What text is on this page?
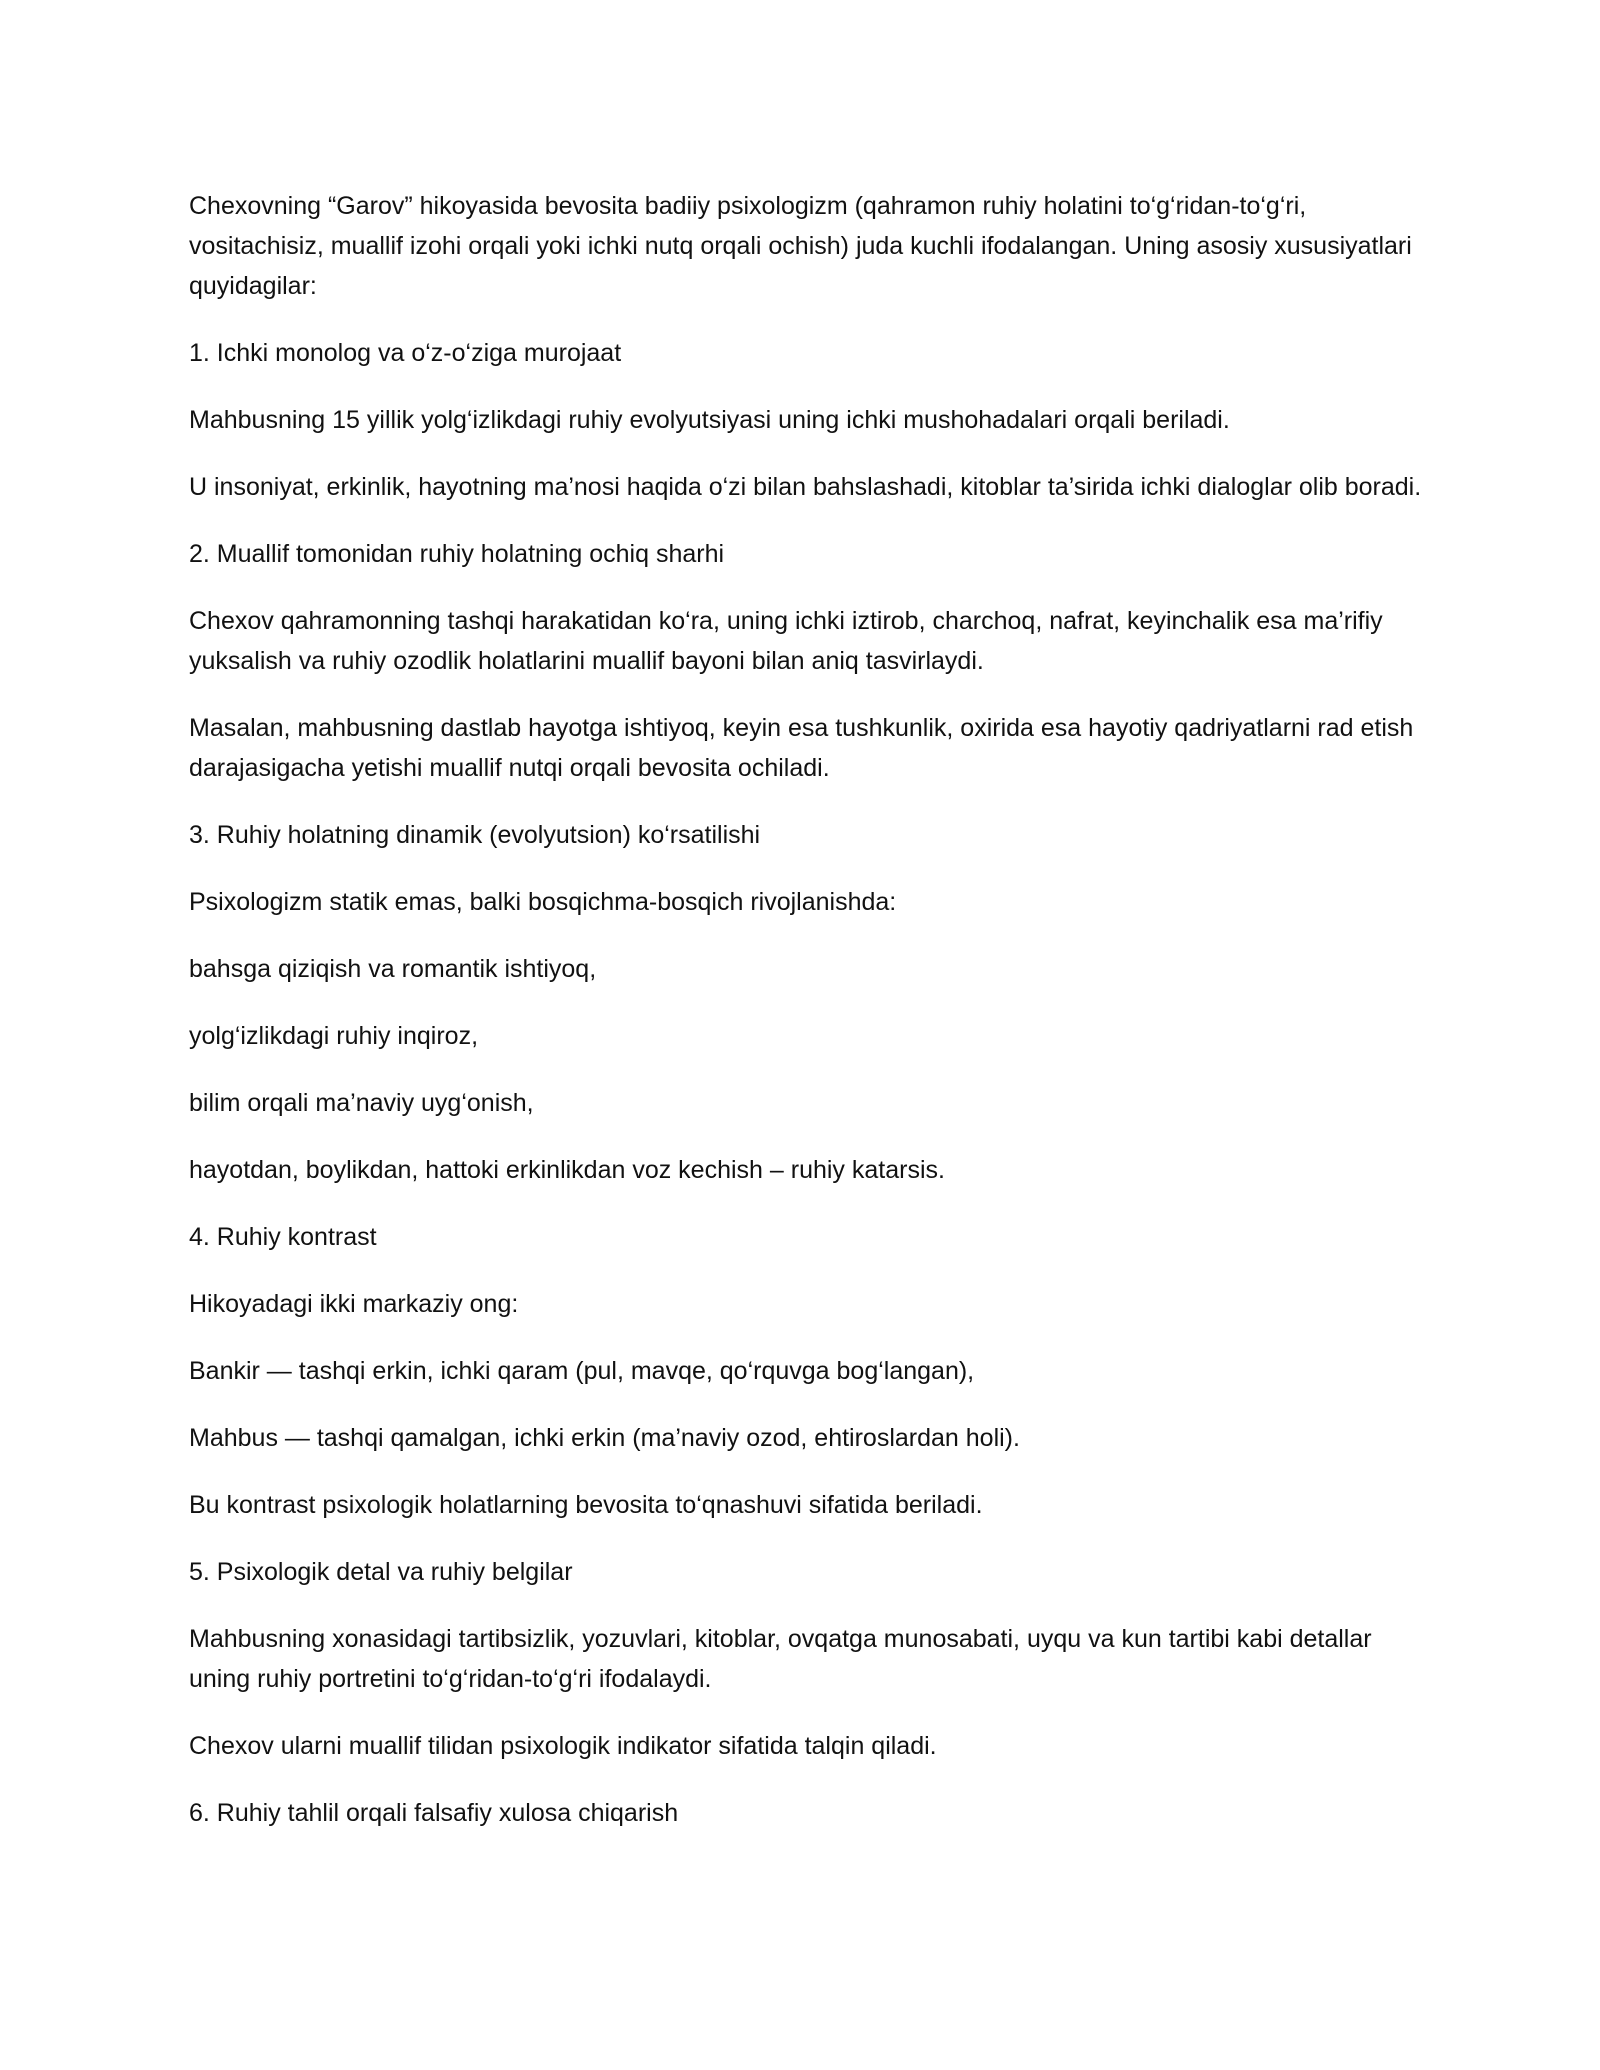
Chexovning “Garov” hikoyasida bevosita badiiy psixologizm (qahramon ruhiy holatini to‘g‘ridan-to‘g‘ri, vositachisiz, muallif izohi orqali yoki ichki nutq orqali ochish) juda kuchli ifodalangan. Uning asosiy xususiyatlari quyidagilar:

1. Ichki monolog va o‘z-o‘ziga murojaat

Mahbusning 15 yillik yolg‘izlikdagi ruhiy evolyutsiyasi uning ichki mushohadalari orqali beriladi.

U insoniyat, erkinlik, hayotning ma’nosi haqida o‘zi bilan bahslashadi, kitoblar ta’sirida ichki dialoglar olib boradi.

2. Muallif tomonidan ruhiy holatning ochiq sharhi

Chexov qahramonning tashqi harakatidan ko‘ra, uning ichki iztirob, charchoq, nafrat, keyinchalik esa ma’rifiy yuksalish va ruhiy ozodlik holatlarini muallif bayoni bilan aniq tasvirlaydi.

Masalan, mahbusning dastlab hayotga ishtiyoq, keyin esa tushkunlik, oxirida esa hayotiy qadriyatlarni rad etish darajasigacha yetishi muallif nutqi orqali bevosita ochiladi.

3. Ruhiy holatning dinamik (evolyutsion) ko‘rsatilishi

Psixologizm statik emas, balki bosqichma-bosqich rivojlanishda:

bahsga qiziqish va romantik ishtiyoq,

yolg‘izlikdagi ruhiy inqiroz,

bilim orqali ma’naviy uyg‘onish,

hayotdan, boylikdan, hattoki erkinlikdan voz kechish – ruhiy katarsis.

4. Ruhiy kontrast

Hikoyadagi ikki markaziy ong:

Bankir — tashqi erkin, ichki qaram (pul, mavqe, qo‘rquvga bog‘langan),

Mahbus — tashqi qamalgan, ichki erkin (ma’naviy ozod, ehtiroslardan holi).

Bu kontrast psixologik holatlarning bevosita to‘qnashuvi sifatida beriladi.

5. Psixologik detal va ruhiy belgilar

Mahbusning xonasidagi tartibsizlik, yozuvlari, kitoblar, ovqatga munosabati, uyqu va kun tartibi kabi detallar uning ruhiy portretini to‘g‘ridan-to‘g‘ri ifodalaydi.

Chexov ularni muallif tilidan psixologik indikator sifatida talqin qiladi.

6. Ruhiy tahlil orqali falsafiy xulosa chiqarish
